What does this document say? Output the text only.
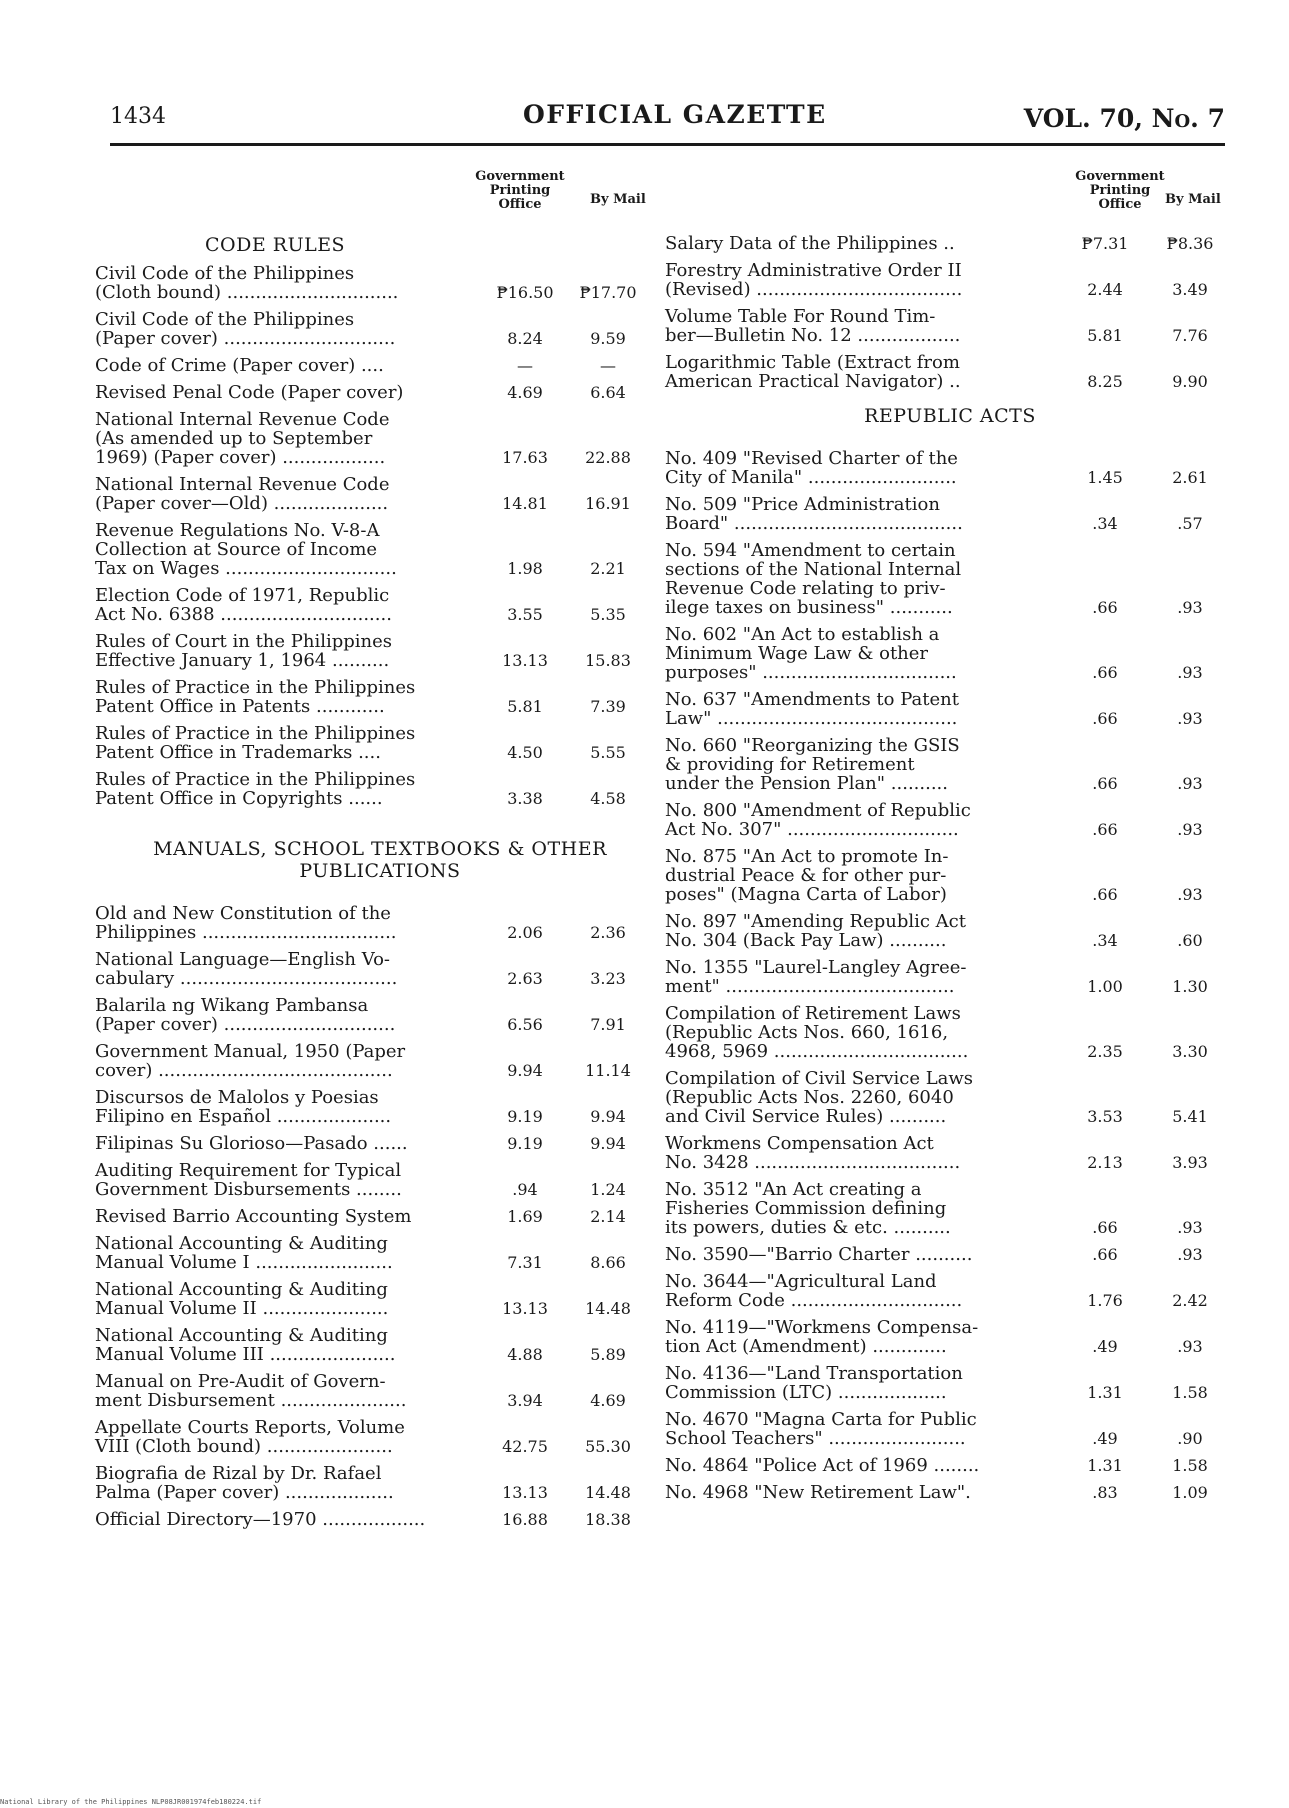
1434	OFFICIAL GAZETTE	VOL. 70, No. 7
Government
Printing
Office	By Mail
CODE RULES
Civil Code of the Philippines
(Cloth bound) ..............................	₱16.50	₱17.70
Civil Code of the Philippines
(Paper cover) ..............................	8.24	9.59
Code of Crime (Paper cover) ....	—	—
Revised Penal Code (Paper cover)	4.69	6.64
National Internal Revenue Code
(As amended up to September
1969) (Paper cover) ..................	17.63	22.88
National Internal Revenue Code
(Paper cover—Old) ....................	14.81	16.91
Revenue Regulations No. V-8-A
Collection at Source of Income
Tax on Wages ..............................	1.98	2.21
Election Code of 1971, Republic
Act No. 6388 ..............................	3.55	5.35
Rules of Court in the Philippines
Effective January 1, 1964 ..........	13.13	15.83
Rules of Practice in the Philippines
Patent Office in Patents ............	5.81	7.39
Rules of Practice in the Philippines
Patent Office in Trademarks ....	4.50	5.55
Rules of Practice in the Philippines
Patent Office in Copyrights ......	3.38	4.58
MANUALS, SCHOOL TEXTBOOKS & OTHER
PUBLICATIONS
Old and New Constitution of the
Philippines ..................................	2.06	2.36
National Language—English Vo-
cabulary ......................................	2.63	3.23
Balarila ng Wikang Pambansa
(Paper cover) ..............................	6.56	7.91
Government Manual, 1950 (Paper
cover) .........................................	9.94	11.14
Discursos de Malolos y Poesias
Filipino en Español ....................	9.19	9.94
Filipinas Su Glorioso—Pasado ......	9.19	9.94
Auditing Requirement for Typical
Government Disbursements ........	.94	1.24
Revised Barrio Accounting System	1.69	2.14
National Accounting & Auditing
Manual Volume I ........................	7.31	8.66
National Accounting & Auditing
Manual Volume II ......................	13.13	14.48
National Accounting & Auditing
Manual Volume III ......................	4.88	5.89
Manual on Pre-Audit of Govern-
ment Disbursement ......................	3.94	4.69
Appellate Courts Reports, Volume
VIII (Cloth bound) ......................	42.75	55.30
Biografia de Rizal by Dr. Rafael
Palma (Paper cover) ...................	13.13	14.48
Official Directory—1970 ..................	16.88	18.38
Government
Printing
Office	By Mail
Salary Data of the Philippines ..	₱7.31	₱8.36
Forestry Administrative Order II
(Revised) ....................................	2.44	3.49
Volume Table For Round Tim-
ber—Bulletin No. 12 ..................	5.81	7.76
Logarithmic Table (Extract from
American Practical Navigator) ..	8.25	9.90
REPUBLIC ACTS
No. 409 "Revised Charter of the
City of Manila" ..........................	1.45	2.61
No. 509 "Price Administration
Board" ........................................	.34	.57
No. 594 "Amendment to certain
sections of the National Internal
Revenue Code relating to priv-
ilege taxes on business" ...........	.66	.93
No. 602 "An Act to establish a
Minimum Wage Law & other
purposes" ..................................	.66	.93
No. 637 "Amendments to Patent
Law" ..........................................	.66	.93
No. 660 "Reorganizing the GSIS
& providing for Retirement
under the Pension Plan" ..........	.66	.93
No. 800 "Amendment of Republic
Act No. 307" ..............................	.66	.93
No. 875 "An Act to promote In-
dustrial Peace & for other pur-
poses" (Magna Carta of Labor)	.66	.93
No. 897 "Amending Republic Act
No. 304 (Back Pay Law) ..........	.34	.60
No. 1355 "Laurel-Langley Agree-
ment" ........................................	1.00	1.30
Compilation of Retirement Laws
(Republic Acts Nos. 660, 1616,
4968, 5969 ..................................	2.35	3.30
Compilation of Civil Service Laws
(Republic Acts Nos. 2260, 6040
and Civil Service Rules) ..........	3.53	5.41
Workmens Compensation Act
No. 3428 ....................................	2.13	3.93
No. 3512 "An Act creating a
Fisheries Commission defining
its powers, duties & etc. ..........	.66	.93
No. 3590—"Barrio Charter ..........	.66	.93
No. 3644—"Agricultural Land
Reform Code ..............................	1.76	2.42
No. 4119—"Workmens Compensa-
tion Act (Amendment) .............	.49	.93
No. 4136—"Land Transportation
Commission (LTC) ...................	1.31	1.58
No. 4670 "Magna Carta for Public
School Teachers" ........................	.49	.90
No. 4864 "Police Act of 1969 ........	1.31	1.58
No. 4968 "New Retirement Law".	.83	1.09
National Library of the Philippines NLP08JR001974feb180224.tif
